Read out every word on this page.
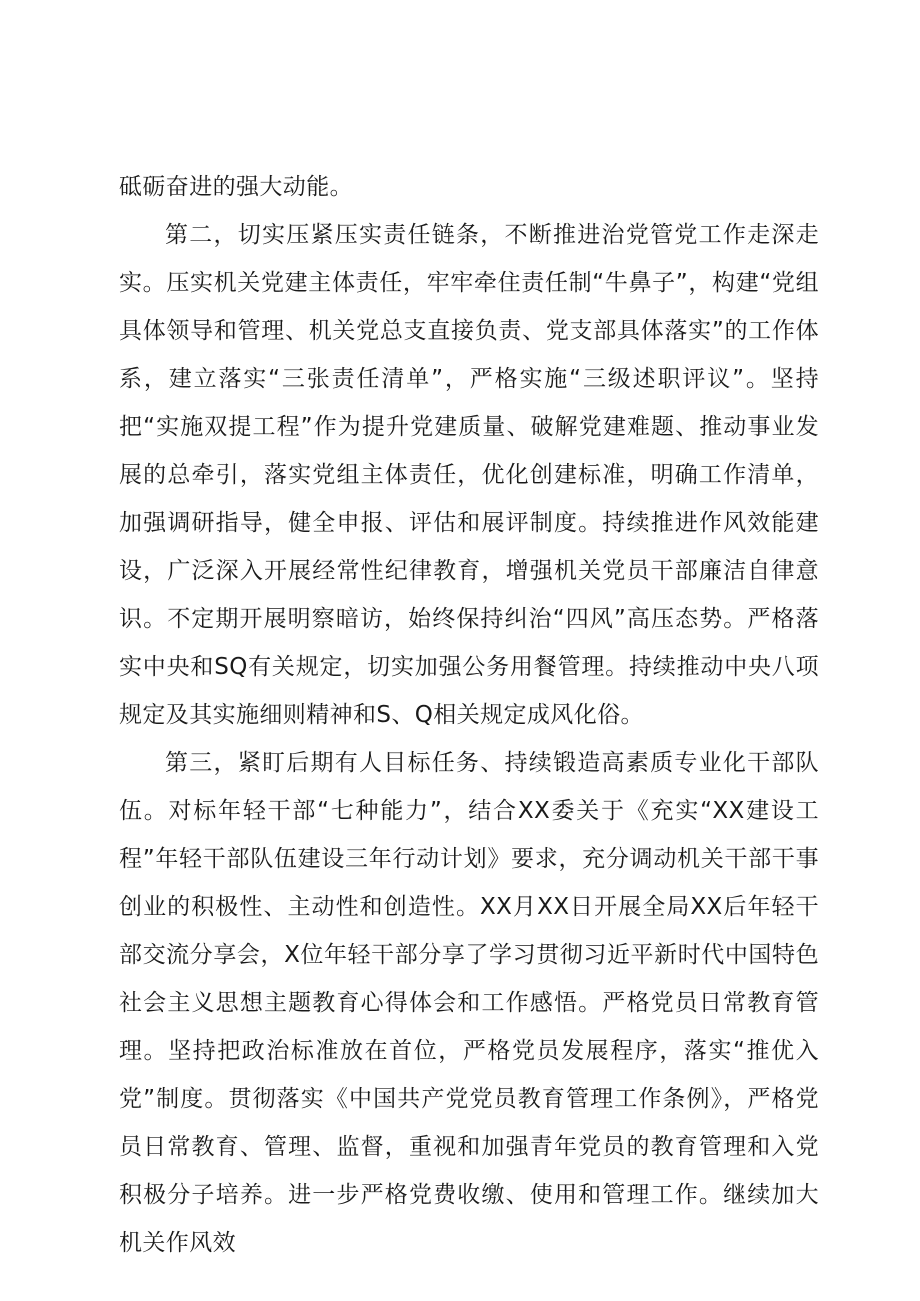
砥砺奋进的强大动能。

第二，切实压紧压实责任链条，不断推进治党管党工作走深走实。压实机关党建主体责任，牢牢牵住责任制“牛鼻子”，构建“党组具体领导和管理、机关党总支直接负责、党支部具体落实”的工作体系，建立落实“三张责任清单”，严格实施“三级述职评议”。坚持把“实施双提工程”作为提升党建质量、破解党建难题、推动事业发展的总牵引，落实党组主体责任，优化创建标准，明确工作清单，加强调研指导，健全申报、评估和展评制度。持续推进作风效能建设，广泛深入开展经常性纪律教育，增强机关党员干部廉洁自律意识。不定期开展明察暗访，始终保持纠治“四风”高压态势。严格落实中央和SQ有关规定，切实加强公务用餐管理。持续推动中央八项规定及其实施细则精神和S、Q相关规定成风化俗。

第三，紧盯后期有人目标任务、持续锻造高素质专业化干部队伍。对标年轻干部“七种能力”，结合XX委关于《充实“XX建设工程”年轻干部队伍建设三年行动计划》要求，充分调动机关干部干事创业的积极性、主动性和创造性。XX月XX日开展全局XX后年轻干部交流分享会，X位年轻干部分享了学习贯彻习近平新时代中国特色社会主义思想主题教育心得体会和工作感悟。严格党员日常教育管理。坚持把政治标准放在首位，严格党员发展程序，落实“推优入党”制度。贯彻落实《中国共产党党员教育管理工作条例》，严格党员日常教育、管理、监督，重视和加强青年党员的教育管理和入党积极分子培养。进一步严格党费收缴、使用和管理工作。继续加大机关作风效
